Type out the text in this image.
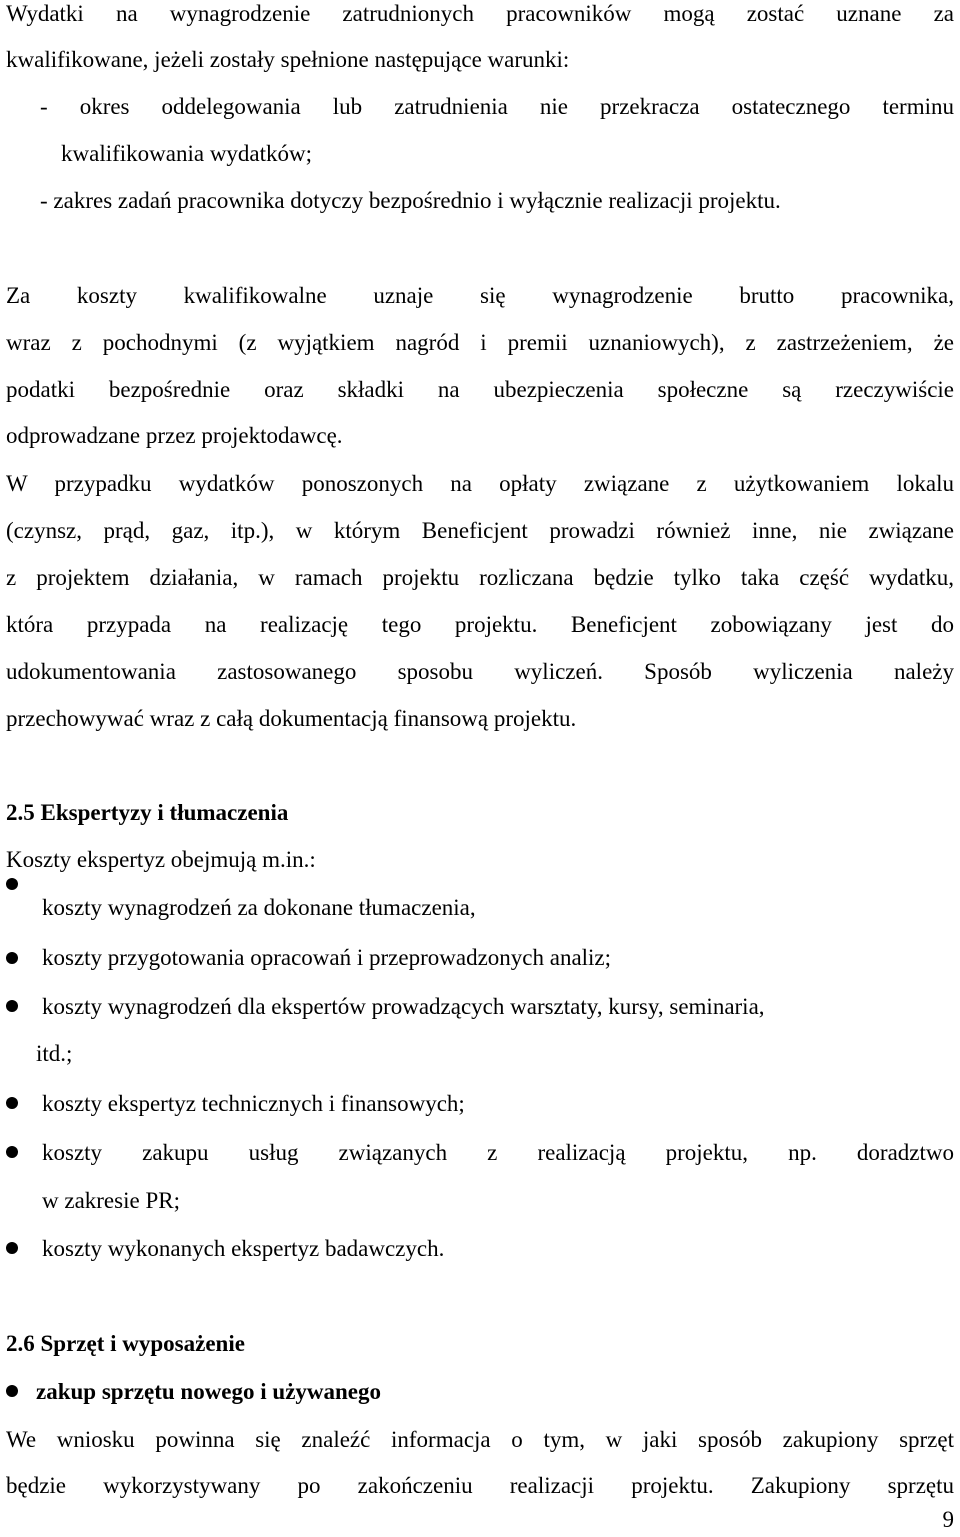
Wydatki na wynagrodzenie zatrudnionych pracowników mogą zostać uznane za
kwalifikowane, jeżeli zostały spełnione następujące warunki:
- okres oddelegowania lub zatrudnienia nie przekracza ostatecznego terminu
kwalifikowania wydatków;
- zakres zadań pracownika dotyczy bezpośrednio i wyłącznie realizacji projektu.
Za koszty kwalifikowalne uznaje się wynagrodzenie brutto pracownika,
wraz z pochodnymi (z wyjątkiem nagród i premii uznaniowych), z zastrzeżeniem, że
podatki bezpośrednie oraz składki na ubezpieczenia społeczne są rzeczywiście
odprowadzane przez projektodawcę.
W przypadku wydatków ponoszonych na opłaty związane z użytkowaniem lokalu
(czynsz, prąd, gaz, itp.), w którym Beneficjent prowadzi również inne, nie związane
z projektem działania, w ramach projektu rozliczana będzie tylko taka część wydatku,
która przypada na realizację tego projektu. Beneficjent zobowiązany jest do
udokumentowania zastosowanego sposobu wyliczeń. Sposób wyliczenia należy
przechowywać wraz z całą dokumentacją finansową projektu.
2.5 Ekspertyzy i tłumaczenia
Koszty ekspertyz obejmują m.in.:
koszty wynagrodzeń za dokonane tłumaczenia,
koszty przygotowania opracowań i przeprowadzonych analiz;
koszty wynagrodzeń dla ekspertów prowadzących warsztaty, kursy, seminaria,
itd.;
koszty ekspertyz technicznych i finansowych;
koszty zakupu usług związanych z realizacją projektu, np. doradztwo
w zakresie PR;
koszty wykonanych ekspertyz badawczych.
2.6 Sprzęt i wyposażenie
zakup sprzętu nowego i używanego
We wniosku powinna się znaleźć informacja o tym, w jaki sposób zakupiony sprzęt
będzie wykorzystywany po zakończeniu realizacji projektu. Zakupiony sprzętu
9
